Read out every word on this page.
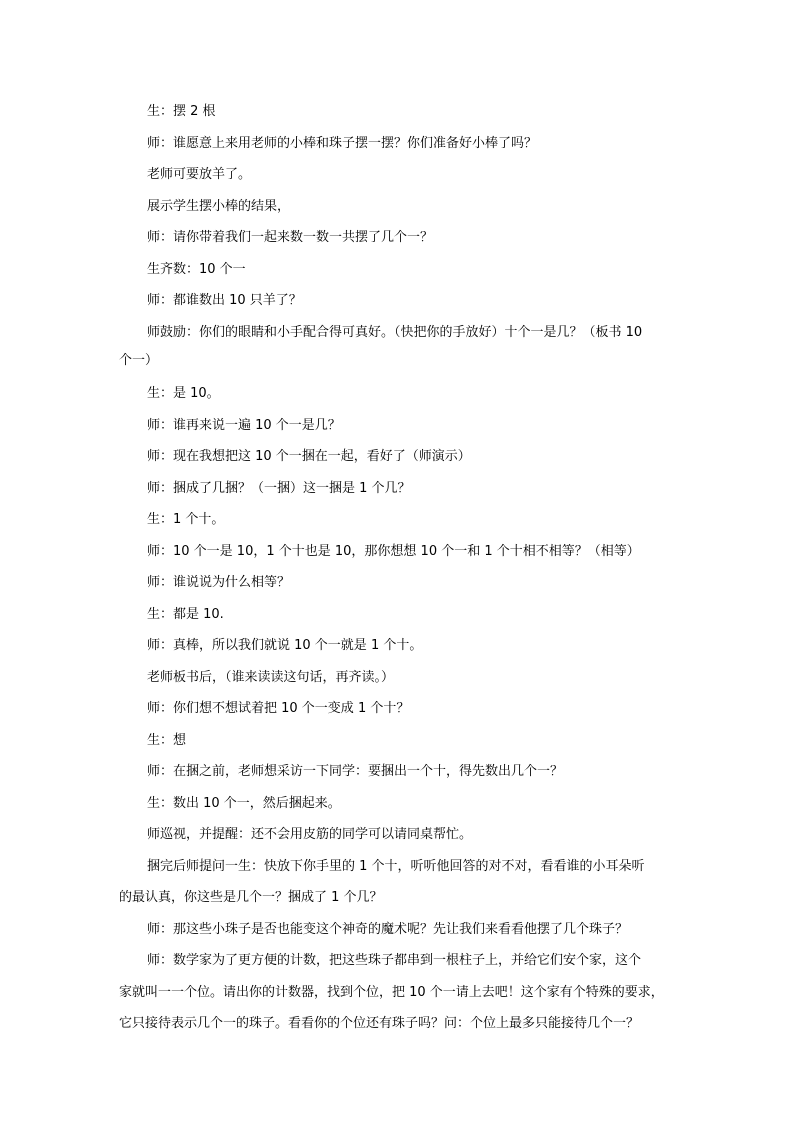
生：摆 2 根
师：谁愿意上来用老师的小棒和珠子摆一摆？你们准备好小棒了吗？
老师可要放羊了。
展示学生摆小棒的结果，
师：请你带着我们一起来数一数一共摆了几个一？
生齐数：10 个一
师：都谁数出 10 只羊了？
师鼓励：你们的眼睛和小手配合得可真好。（快把你的手放好）十个一是几？（板书 10
个一）
生：是 10。
师：谁再来说一遍 10 个一是几？
师：现在我想把这 10 个一捆在一起，看好了（师演示）
师：捆成了几捆？（一捆）这一捆是 1 个几？
生：1 个十。
师：10 个一是 10，1 个十也是 10，那你想想 10 个一和 1 个十相不相等？（相等）
师：谁说说为什么相等？
生：都是 10.
师：真棒，所以我们就说 10 个一就是 1 个十。
老师板书后，（谁来读读这句话，再齐读。）
师：你们想不想试着把 10 个一变成 1 个十？
生：想
师：在捆之前，老师想采访一下同学：要捆出一个十，得先数出几个一？
生：数出 10 个一，然后捆起来。
师巡视，并提醒：还不会用皮筋的同学可以请同桌帮忙。
捆完后师提问一生：快放下你手里的 1 个十，听听他回答的对不对，看看谁的小耳朵听
的最认真，你这些是几个一？捆成了 1 个几？
师：那这些小珠子是否也能变这个神奇的魔术呢？先让我们来看看他摆了几个珠子？
师：数学家为了更方便的计数，把这些珠子都串到一根柱子上，并给它们安个家，这个
家就叫一一个位。请出你的计数器，找到个位，把 10 个一请上去吧！这个家有个特殊的要求，
它只接待表示几个一的珠子。看看你的个位还有珠子吗？问：个位上最多只能接待几个一？
